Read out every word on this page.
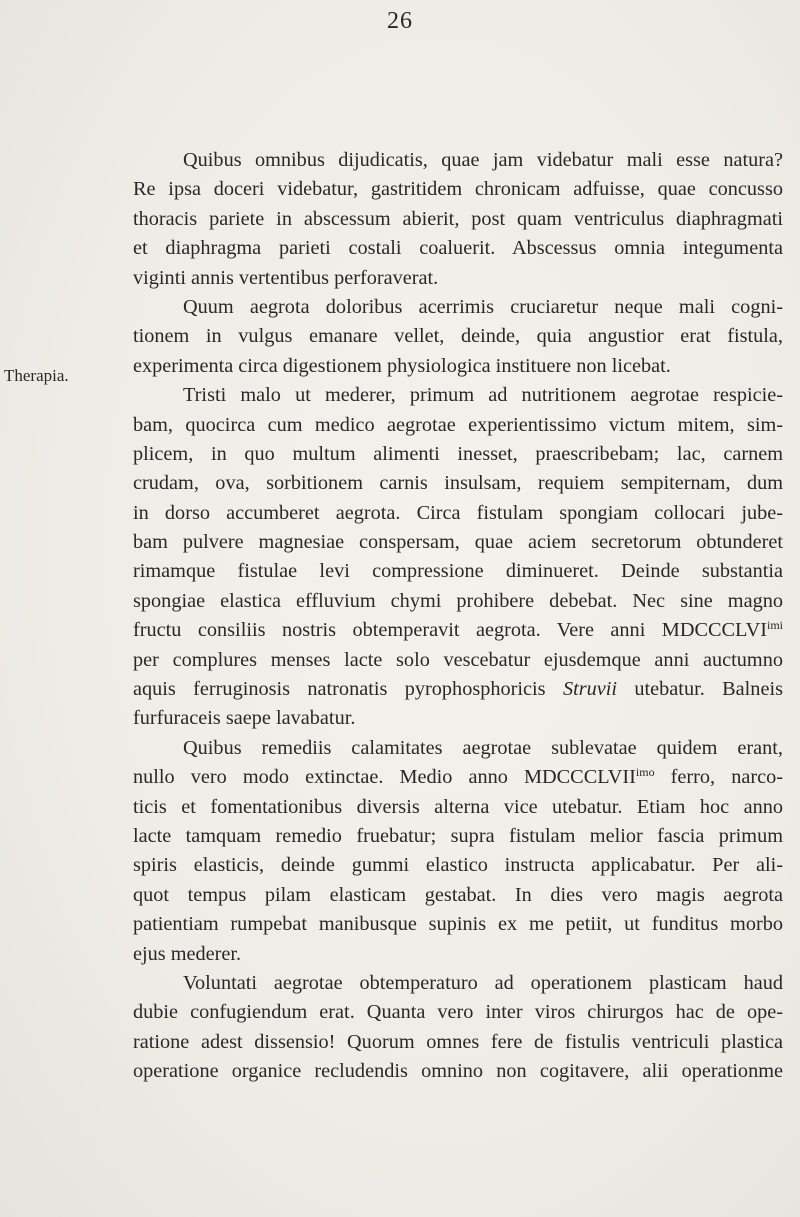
26
Therapia.
Quibus omnibus dijudicatis, quae jam videbatur mali esse natura?
Re ipsa doceri videbatur, gastritidem chronicam adfuisse, quae concusso
thoracis pariete in abscessum abierit, post quam ventriculus diaphragmati
et diaphragma parieti costali coaluerit. Abscessus omnia integumenta
viginti annis vertentibus perforaverat.
Quum aegrota doloribus acerrimis cruciaretur neque mali cogni-
tionem in vulgus emanare vellet, deinde, quia angustior erat fistula,
experimenta circa digestionem physiologica instituere non licebat.
Tristi malo ut mederer, primum ad nutritionem aegrotae respicie-
bam, quocirca cum medico aegrotae experientissimo victum mitem, sim-
plicem, in quo multum alimenti inesset, praescribebam; lac, carnem
crudam, ova, sorbitionem carnis insulsam, requiem sempiternam, dum
in dorso accumberet aegrota. Circa fistulam spongiam collocari jube-
bam pulvere magnesiae conspersam, quae aciem secretorum obtunderet
rimamque fistulae levi compressione diminueret. Deinde substantia
spongiae elastica effluvium chymi prohibere debebat. Nec sine magno
fructu consiliis nostris obtemperavit aegrota. Vere anni $MDCCCLVI^{imi}$
per complures menses lacte solo vescebatur ejusdemque anni auctumno
aquis ferruginosis natronatis pyrophosphoricis Struvii utebatur. Balneis
furfuraceis saepe lavabatur.
Quibus remediis calamitates aegrotae sublevatae quidem erant,
nullo vero modo extinctae. Medio anno $MDCCCLVII^{imo}$ ferro, narco-
ticis et fomentationibus diversis alterna vice utebatur. Etiam hoc anno
lacte tamquam remedio fruebatur; supra fistulam melior fascia primum
spiris elasticis, deinde gummi elastico instructa applicabatur. Per ali-
quot tempus pilam elasticam gestabat. In dies vero magis aegrota
patientiam rumpebat manibusque supinis ex me petiit, ut funditus morbo
ejus mederer.
Voluntati aegrotae obtemperaturo ad operationem plasticam haud
dubie confugiendum erat. Quanta vero inter viros chirurgos hac de ope-
ratione adest dissensio! Quorum omnes fere de fistulis ventriculi plastica
operatione organice recludendis omnino non cogitavere, alii operationme
